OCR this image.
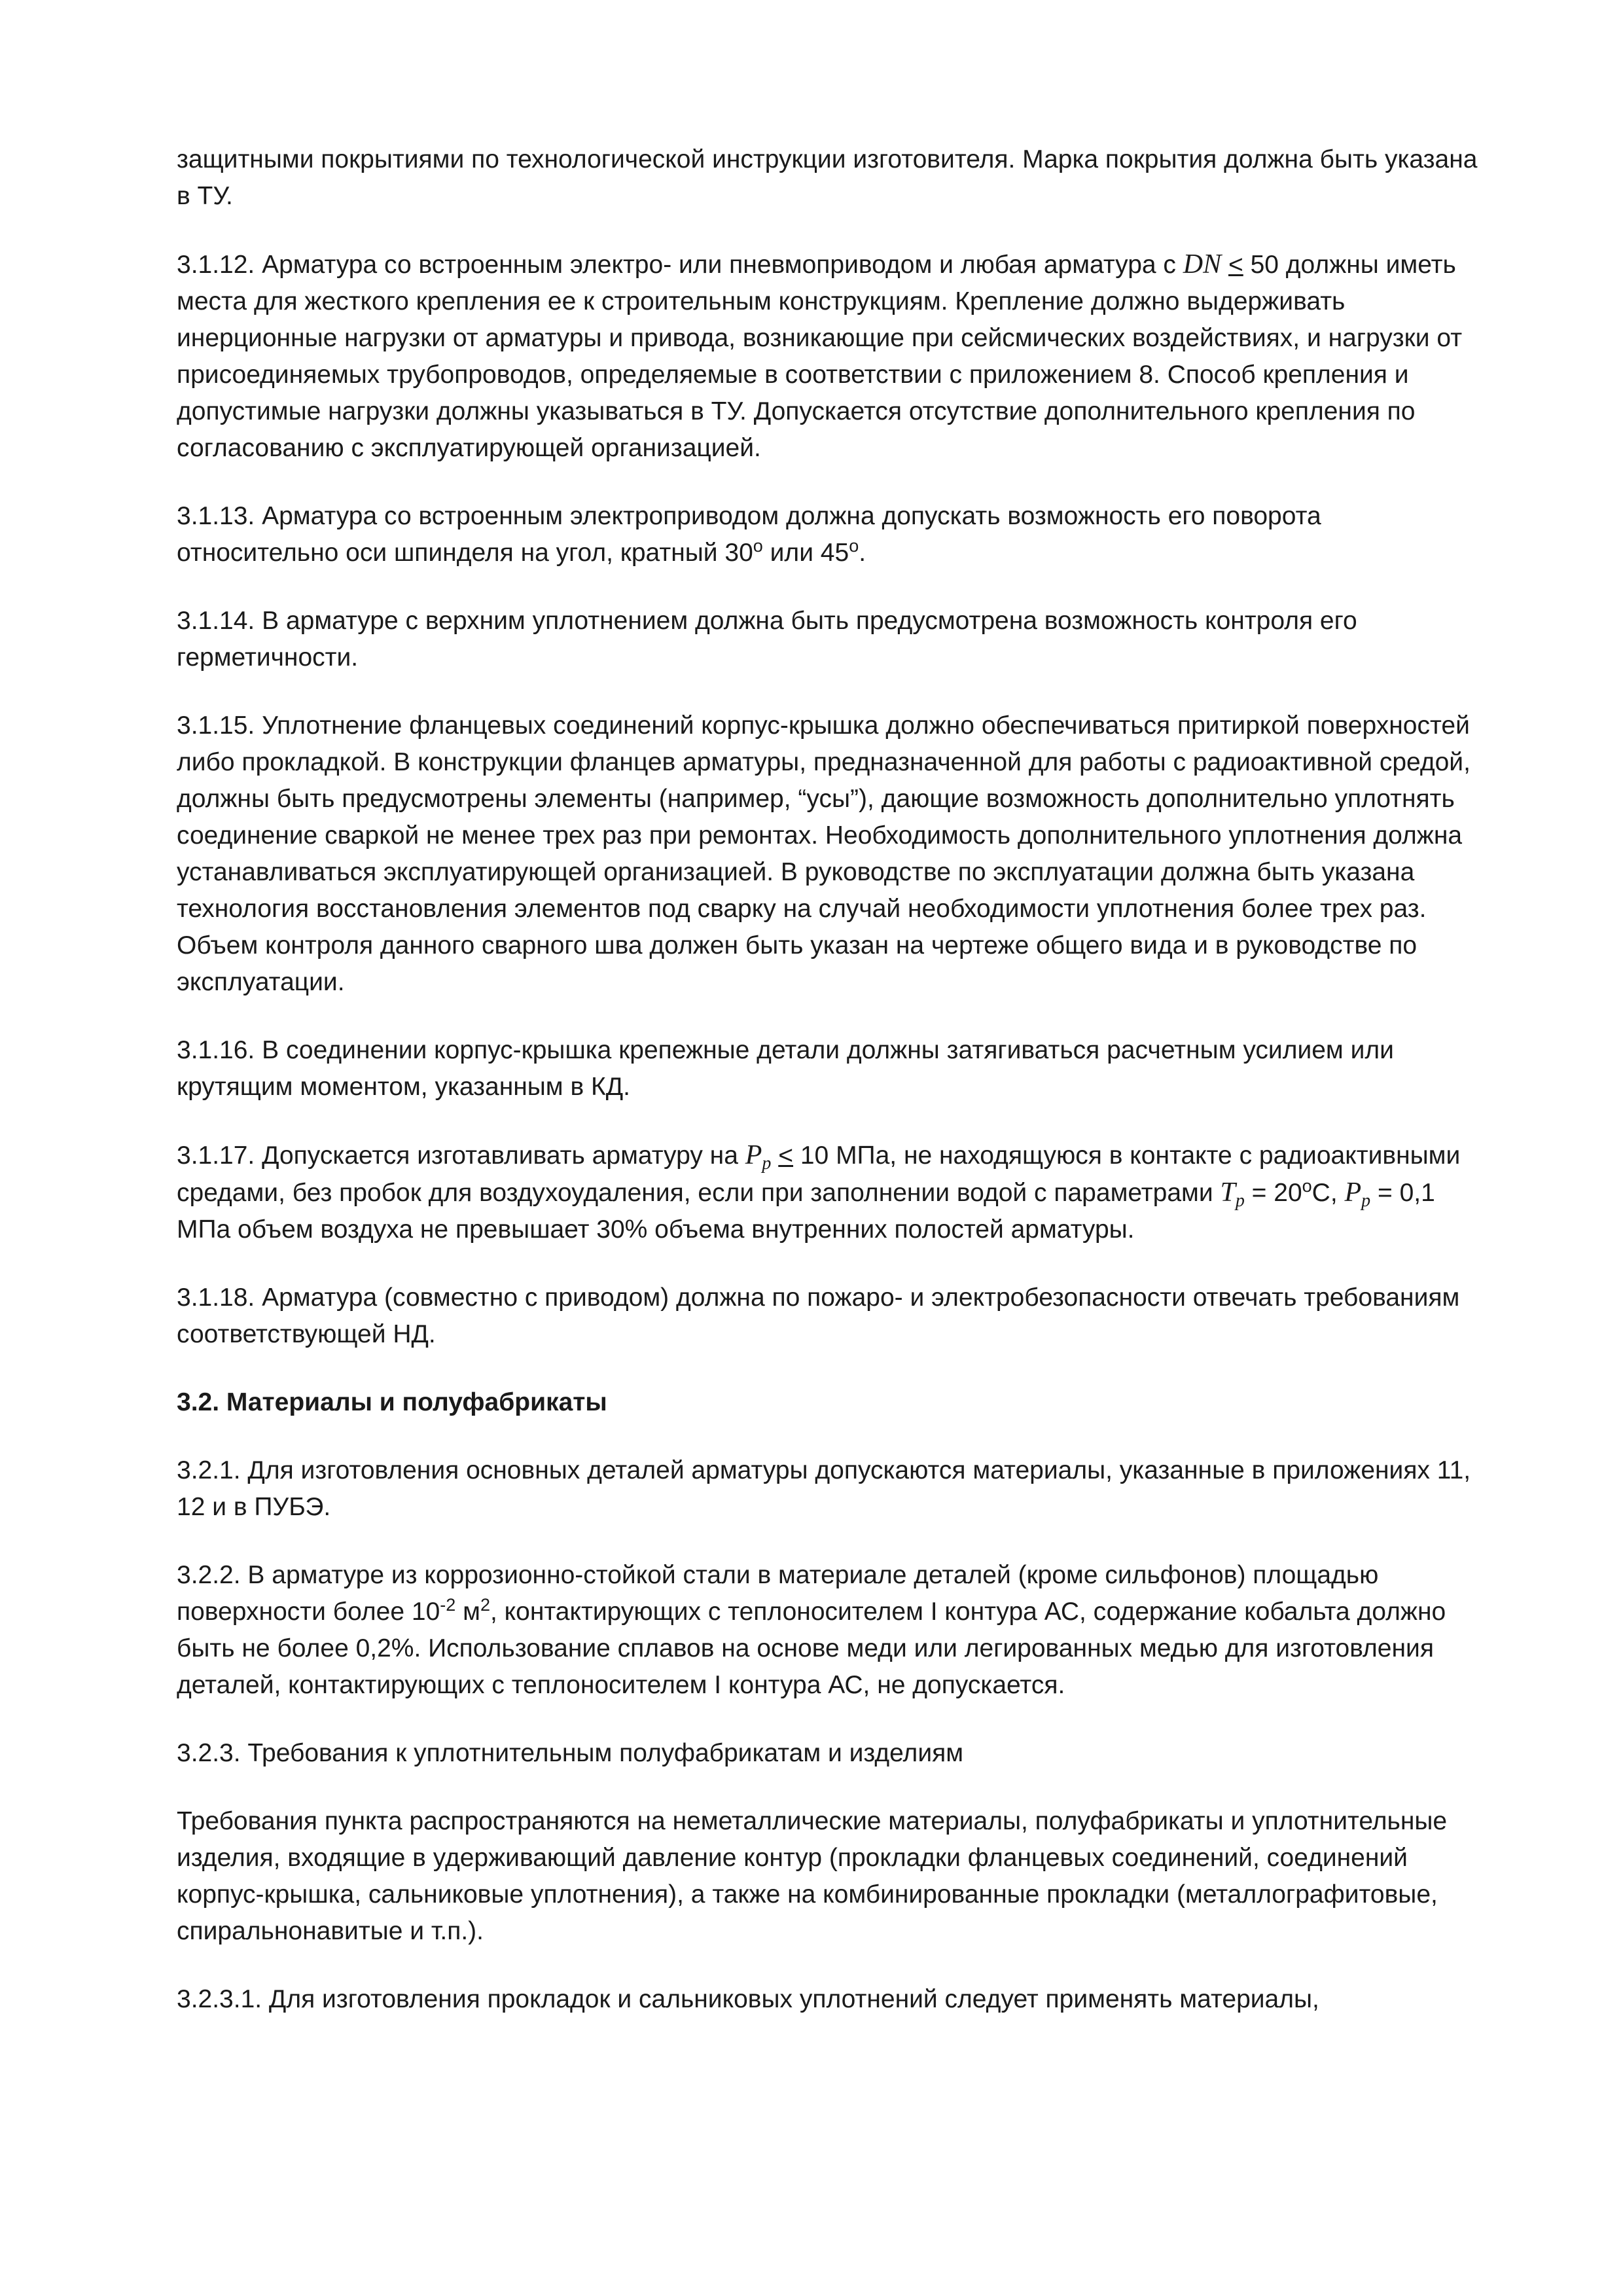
защитными покрытиями по технологической инструкции изготовителя. Марка покрытия должна быть указана в ТУ.

3.1.12. Арматура со встроенным электро- или пневмоприводом и любая арматура с DN ≤ 50 должны иметь места для жесткого крепления ее к строительным конструкциям. Крепление должно выдерживать инерционные нагрузки от арматуры и привода, возникающие при сейсмических воздействиях, и нагрузки от присоединяемых трубопроводов, определяемые в соответствии с приложением 8. Способ крепления и допустимые нагрузки должны указываться в ТУ. Допускается отсутствие дополнительного крепления по согласованию с эксплуатирующей организацией.

3.1.13. Арматура со встроенным электроприводом должна допускать возможность его поворота относительно оси шпинделя на угол, кратный 30$^o$ или 45$^o$.

3.1.14. В арматуре с верхним уплотнением должна быть предусмотрена возможность контроля его герметичности.

3.1.15. Уплотнение фланцевых соединений корпус-крышка должно обеспечиваться притиркой поверхностей либо прокладкой. В конструкции фланцев арматуры, предназначенной для работы с радиоактивной средой, должны быть предусмотрены элементы (например, “усы”), дающие возможность дополнительно уплотнять соединение сваркой не менее трех раз при ремонтах. Необходимость дополнительного уплотнения должна устанавливаться эксплуатирующей организацией. В руководстве по эксплуатации должна быть указана технология восстановления элементов под сварку на случай необходимости уплотнения более трех раз. Объем контроля данного сварного шва должен быть указан на чертеже общего вида и в руководстве по эксплуатации.

3.1.16. В соединении корпус-крышка крепежные детали должны затягиваться расчетным усилием или крутящим моментом, указанным в КД.

3.1.17. Допускается изготавливать арматуру на $P_p \le 10$ МПа, не находящуюся в контакте с радиоактивными средами, без пробок для воздухоудаления, если при заполнении водой с параметрами $T_p = 20^oС$, $P_p = 0,1$ МПа объем воздуха не превышает 30% объема внутренних полостей арматуры.

3.1.18. Арматура (совместно с приводом) должна по пожаро- и электробезопасности отвечать требованиям соответствующей НД.

3.2. Материалы и полуфабрикаты

3.2.1. Для изготовления основных деталей арматуры допускаются материалы, указанные в приложениях 11, 12 и в ПУБЭ.

3.2.2. В арматуре из коррозионно-стойкой стали в материале деталей (кроме сильфонов) площадью поверхности более $10^{-2}$ $м^2$, контактирующих с теплоносителем I контура АС, содержание кобальта должно быть не более 0,2%. Использование сплавов на основе меди или легированных медью для изготовления деталей, контактирующих с теплоносителем I контура АС, не допускается.

3.2.3. Требования к уплотнительным полуфабрикатам и изделиям

Требования пункта распространяются на неметаллические материалы, полуфабрикаты и уплотнительные изделия, входящие в удерживающий давление контур (прокладки фланцевых соединений, соединений корпус-крышка, сальниковые уплотнения), а также на комбинированные прокладки (металлографитовые, спиральнонавитые и т.п.).

3.2.3.1. Для изготовления прокладок и сальниковых уплотнений следует применять материалы,
